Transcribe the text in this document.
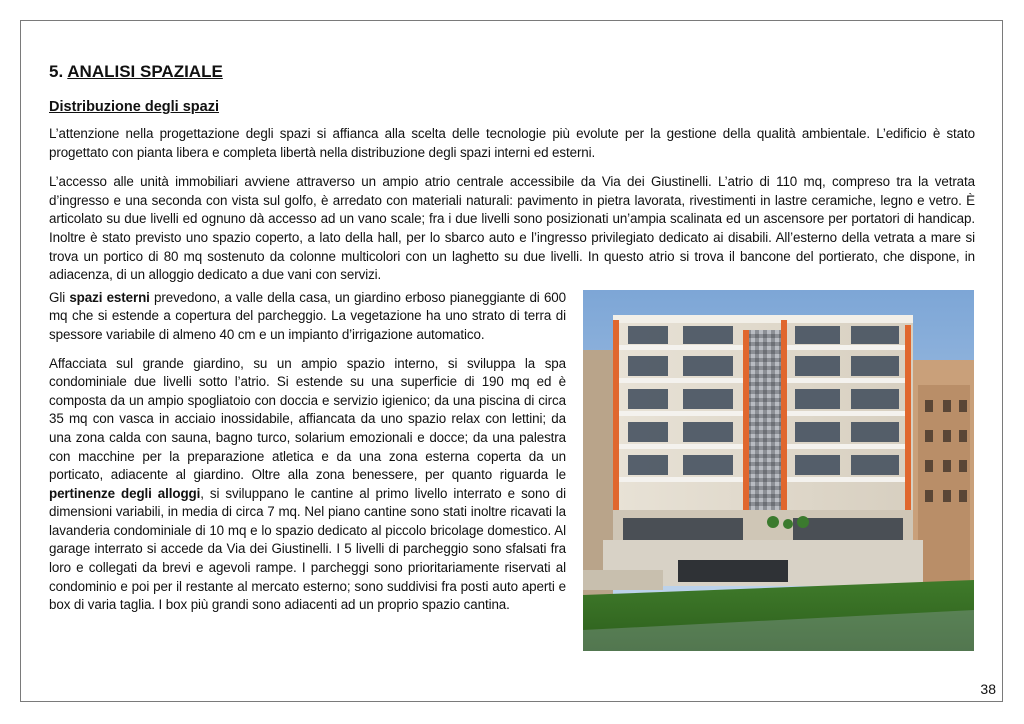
5. ANALISI SPAZIALE
Distribuzione degli spazi

L’attenzione nella progettazione degli spazi si affianca alla scelta delle tecnologie più evolute per la gestione della qualità ambientale. L’edificio è stato progettato con pianta libera e completa libertà nella distribuzione degli spazi interni ed esterni.

L’accesso alle unità immobiliari avviene attraverso un ampio atrio centrale accessibile da Via dei Giustinelli. L’atrio di 110 mq, compreso tra la vetrata d’ingresso e una seconda con vista sul golfo, è arredato con materiali naturali: pavimento in pietra lavorata, rivestimenti in lastre ceramiche, legno e vetro. È articolato su due livelli ed ognuno dà accesso ad un vano scale; fra i due livelli sono posizionati un’ampia scalinata ed un ascensore per portatori di handicap. Inoltre è stato previsto uno spazio coperto, a lato della hall, per lo sbarco auto e l’ingresso privilegiato dedicato ai disabili. All’esterno della vetrata a mare si trova un portico di 80 mq sostenuto da colonne multicolori con un laghetto su due livelli. In questo atrio si trova il bancone del portierato, che dispone, in adiacenza, di un alloggio dedicato a due vani con servizi.

Gli spazi esterni prevedono, a valle della casa, un giardino erboso pianeggiante di 600 mq che si estende a copertura del parcheggio. La vegetazione ha uno strato di terra di spessore variabile di almeno 40 cm e un impianto d’irrigazione automatico.

Affacciata sul grande giardino, su un ampio spazio interno, si sviluppa la spa condominiale due livelli sotto l’atrio. Si estende su una superficie di 190 mq ed è composta da un ampio spogliatoio con doccia e servizio igienico; da una piscina di circa 35 mq con vasca in acciaio inossidabile, affiancata da uno spazio relax con lettini; da una zona calda con sauna, bagno turco, solarium emozionali e docce; da una palestra con macchine per la preparazione atletica e da una zona esterna coperta da un porticato, adiacente al giardino. Oltre alla zona benessere, per quanto riguarda le pertinenze degli alloggi, si sviluppano le cantine al primo livello interrato e sono di dimensioni variabili, in media di circa 7 mq. Nel piano cantine sono stati inoltre ricavati la lavanderia condominiale di 10 mq e lo spazio dedicato al piccolo bricolage domestico. Al garage interrato si accede da Via dei Giustinelli. I 5 livelli di parcheggio sono sfalsati fra loro e collegati da brevi e agevoli rampe. I parcheggi sono prioritariamente riservati al condominio e poi per il restante al mercato esterno; sono suddivisi fra posti auto aperti e box di varia taglia. I box più grandi sono adiacenti ad un proprio spazio cantina.

38
